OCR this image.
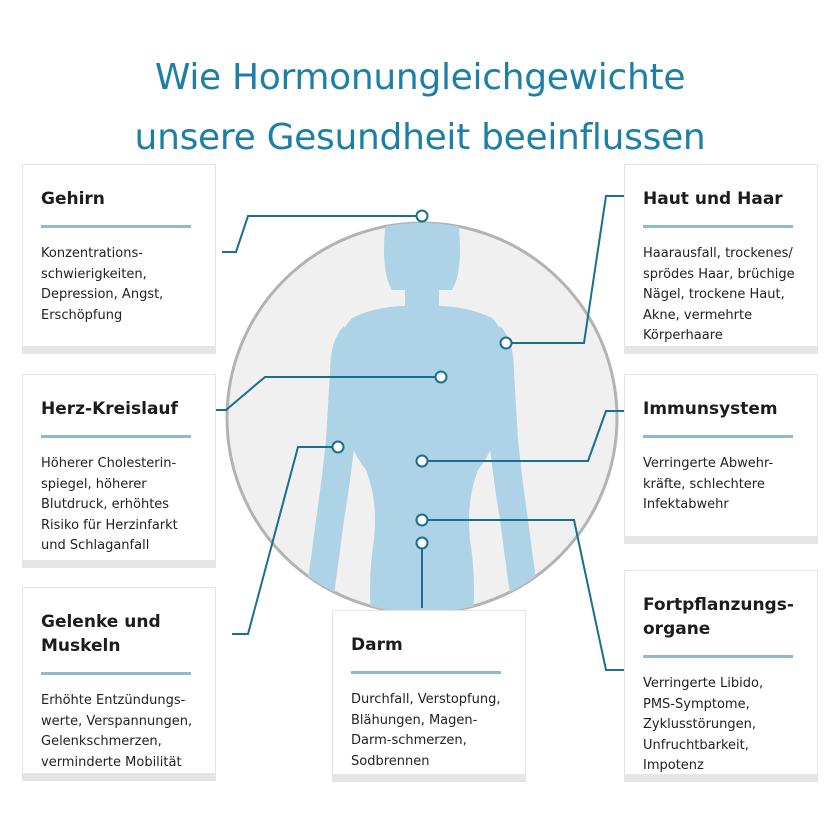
Wie Hormonungleichgewichte
unsere Gesundheit beeinflussen
Gehirn
Konzentrations-
schwierigkeiten,
Depression, Angst,
Erschöpfung
Herz-Kreislauf
Höherer Cholesterin-
spiegel, höherer
Blutdruck, erhöhtes
Risiko für Herzinfarkt
und Schlaganfall
Gelenke und
Muskeln
Erhöhte Entzündungs-
werte, Verspannungen,
Gelenkschmerzen,
verminderte Mobilität
Darm
Durchfall, Verstopfung,
Blähungen, Magen-
Darm-schmerzen,
Sodbrennen
Haut und Haar
Haarausfall, trockenes/
sprödes Haar, brüchige
Nägel, trockene Haut,
Akne, vermehrte
Körperhaare
Immunsystem
Verringerte Abwehr-
kräfte, schlechtere
Infektabwehr
Fortpflanzungs-
organe
Verringerte Libido,
PMS-Symptome,
Zyklusstörungen,
Unfruchtbarkeit,
Impotenz
